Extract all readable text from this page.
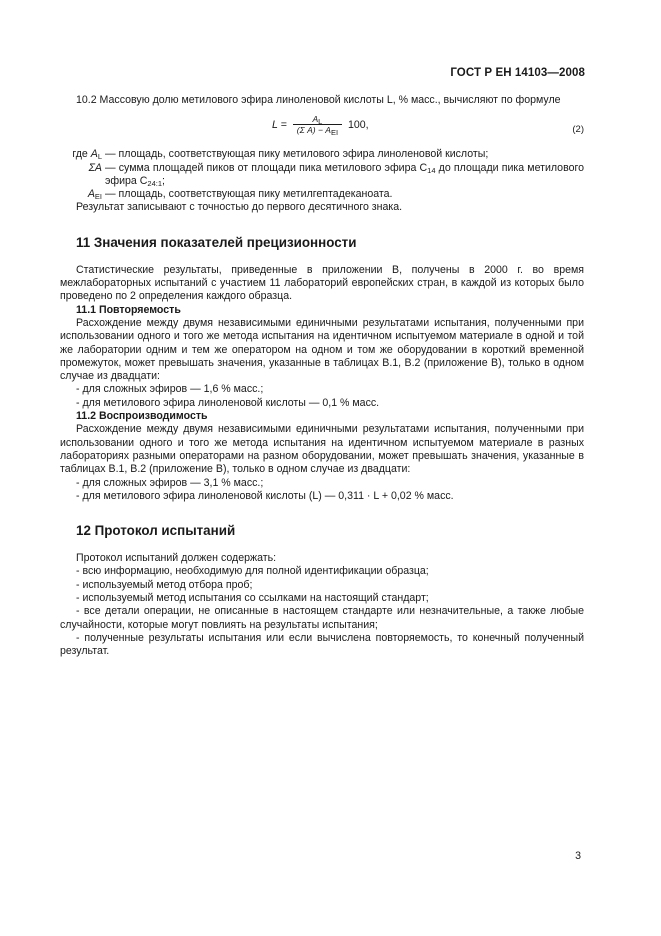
ГОСТ Р ЕН 14103—2008

10.2 Массовую долю метилового эфира линоленовой кислоты L, % масс., вычисляют по формуле

$L = \frac{AL}{\text{(Σ A) − AEI}} 100$,	(2)
где $A_L$ — площадь, соответствующая пику метилового эфира линоленовой кислоты;
ΣA — сумма площадей пиков от площади пика метилового эфира $C_{14}$ до площади пика метилового эфира $C_{24:1}$;
$A_{EI}$ — площадь, соответствующая пику метилгептадеканоата.

Результат записывают с точностью до первого десятичного знака.

11 Значения показателей прецизионности

Статистические результаты, приведенные в приложении В, получены в 2000 г. во время межлабораторных испытаний с участием 11 лабораторий европейских стран, в каждой из которых было проведено по 2 определения каждого образца.

11.1 Повторяемость

Расхождение между двумя независимыми единичными результатами испытания, полученными при использовании одного и того же метода испытания на идентичном испытуемом материале в одной и той же лаборатории одним и тем же оператором на одном и том же оборудовании в короткий временной промежуток, может превышать значения, указанные в таблицах В.1, В.2 (приложение В), только в одном случае из двадцати:

- для сложных эфиров — 1,6 % масс.;

- для метилового эфира линоленовой кислоты — 0,1 % масс.

11.2 Воспроизводимость

Расхождение между двумя независимыми единичными результатами испытания, полученными при использовании одного и того же метода испытания на идентичном испытуемом материале в разных лабораториях разными операторами на разном оборудовании, может превышать значения, указанные в таблицах В.1, В.2 (приложение В), только в одном случае из двадцати:

- для сложных эфиров — 3,1 % масс.;

- для метилового эфира линоленовой кислоты (L) — 0,311 · L + 0,02 % масс.

12 Протокол испытаний

Протокол испытаний должен содержать:

- всю информацию, необходимую для полной идентификации образца;

- используемый метод отбора проб;

- используемый метод испытания со ссылками на настоящий стандарт;

- все детали операции, не описанные в настоящем стандарте или незначительные, а также любые случайности, которые могут повлиять на результаты испытания;

- полученные результаты испытания или если вычислена повторяемость, то конечный полученный результат.

3
